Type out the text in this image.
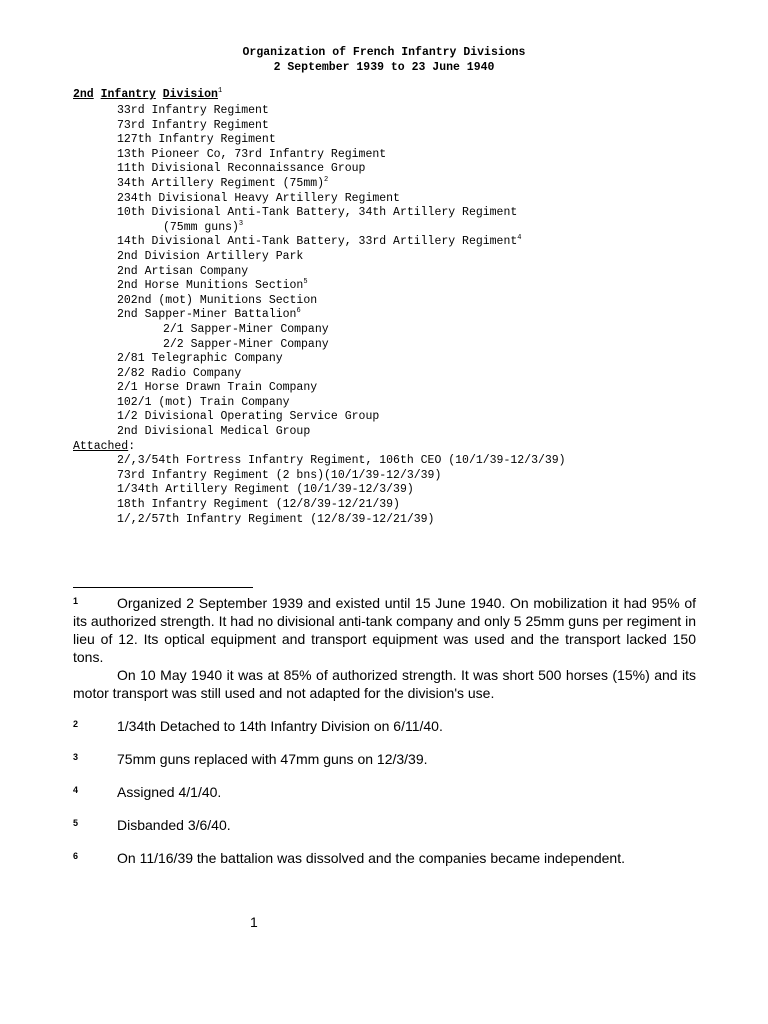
Organization of French Infantry Divisions
2 September 1939 to 23 June 1940
2nd Infantry Division$^1$
33rd Infantry Regiment
73rd Infantry Regiment
127th Infantry Regiment
13th Pioneer Co, 73rd Infantry Regiment
11th Divisional Reconnaissance Group
34th Artillery Regiment $(75mm)^2$
234th Divisional Heavy Artillery Regiment
10th Divisional Anti-Tank Battery, 34th Artillery Regiment
(75mm guns)$^3$
14th Divisional Anti-Tank Battery, 33rd Artillery Regiment$^4$
2nd Division Artillery Park
2nd Artisan Company
2nd Horse Munitions Section$^5$
202nd (mot) Munitions Section
2nd Sapper-Miner Battalion$^6$
2/1 Sapper-Miner Company
2/2 Sapper-Miner Company
2/81 Telegraphic Company
2/82 Radio Company
2/1 Horse Drawn Train Company
102/1 (mot) Train Company
1/2 Divisional Operating Service Group
2nd Divisional Medical Group
Attached:
2/,3/54th Fortress Infantry Regiment, 106th CEO (10/1/39-12/3/39)
73rd Infantry Regiment (2 bns)(10/1/39-12/3/39)
1/34th Artillery Regiment (10/1/39-12/3/39)
18th Infantry Regiment (12/8/39-12/21/39)
1/,2/57th Infantry Regiment (12/8/39-12/21/39)
1	Organized 2 September 1939 and existed until 15 June 1940. On mobilization it had 95% of its authorized strength. It had no divisional anti-tank company and only 5 25mm guns per regiment in lieu of 12. Its optical equipment and transport equipment was used and the transport lacked 150 tons.

On 10 May 1940 it was at 85% of authorized strength. It was short 500 horses (15%) and its motor transport was still used and not adapted for the division's use.

2	1/34th Detached to 14th Infantry Division on 6/11/40.

3	75mm guns replaced with 47mm guns on 12/3/39.

4	Assigned 4/1/40.

5	Disbanded 3/6/40.

6	On 11/16/39 the battalion was dissolved and the companies became independent.

1
